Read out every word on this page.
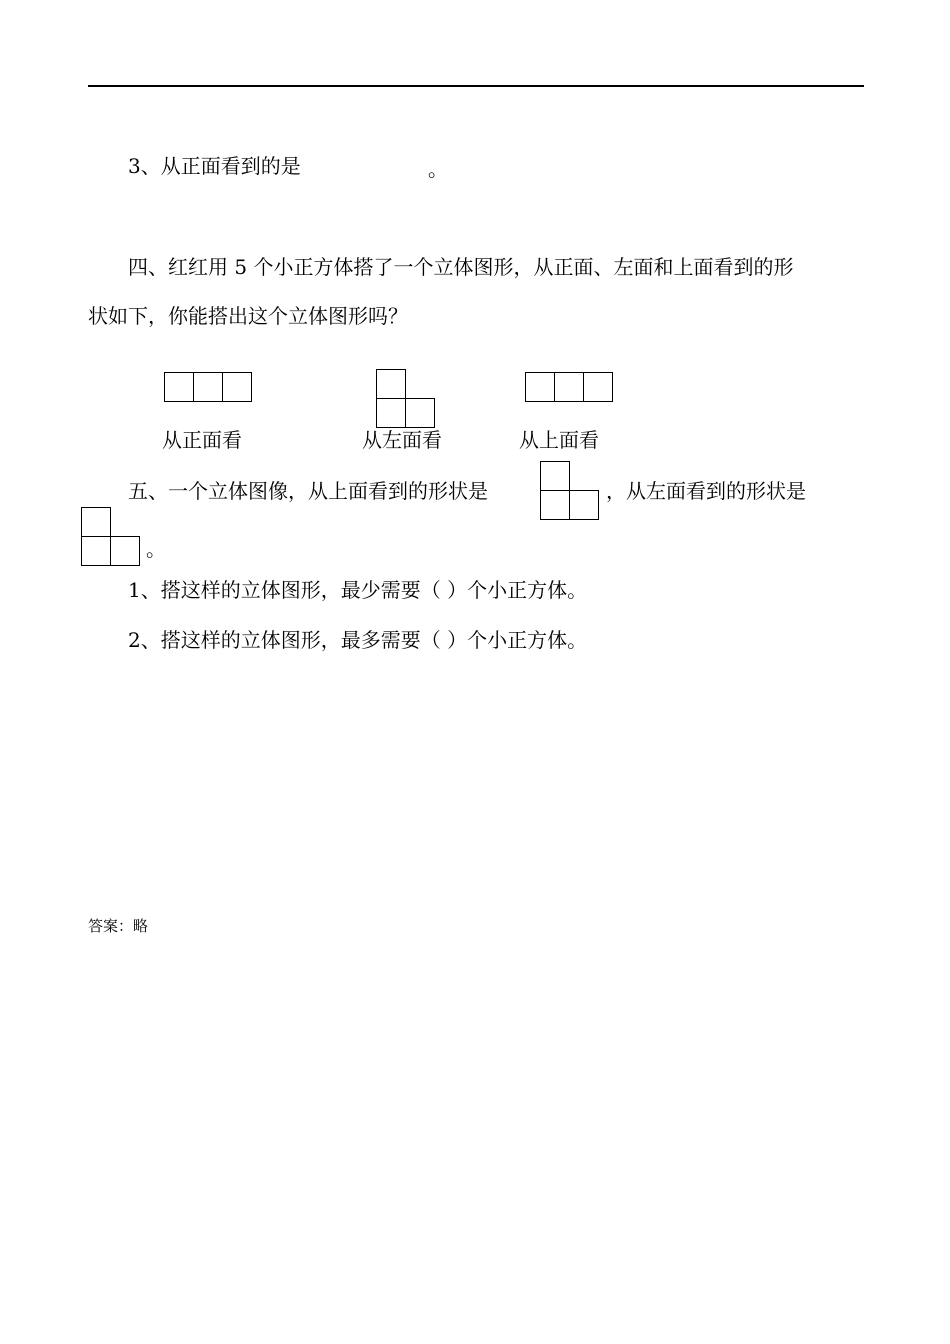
3、从正面看到的是	。
四、红红用 5 个小正方体搭了一个立体图形，从正面、左面和上面看到的形
状如下，你能搭出这个立体图形吗？
从正面看	从左面看	从上面看
五、一个立体图像，从上面看到的形状是	，从左面看到的形状是
。
1、搭这样的立体图形，最少需要（ ）个小正方体。
2、搭这样的立体图形，最多需要（ ）个小正方体。
答案：略
